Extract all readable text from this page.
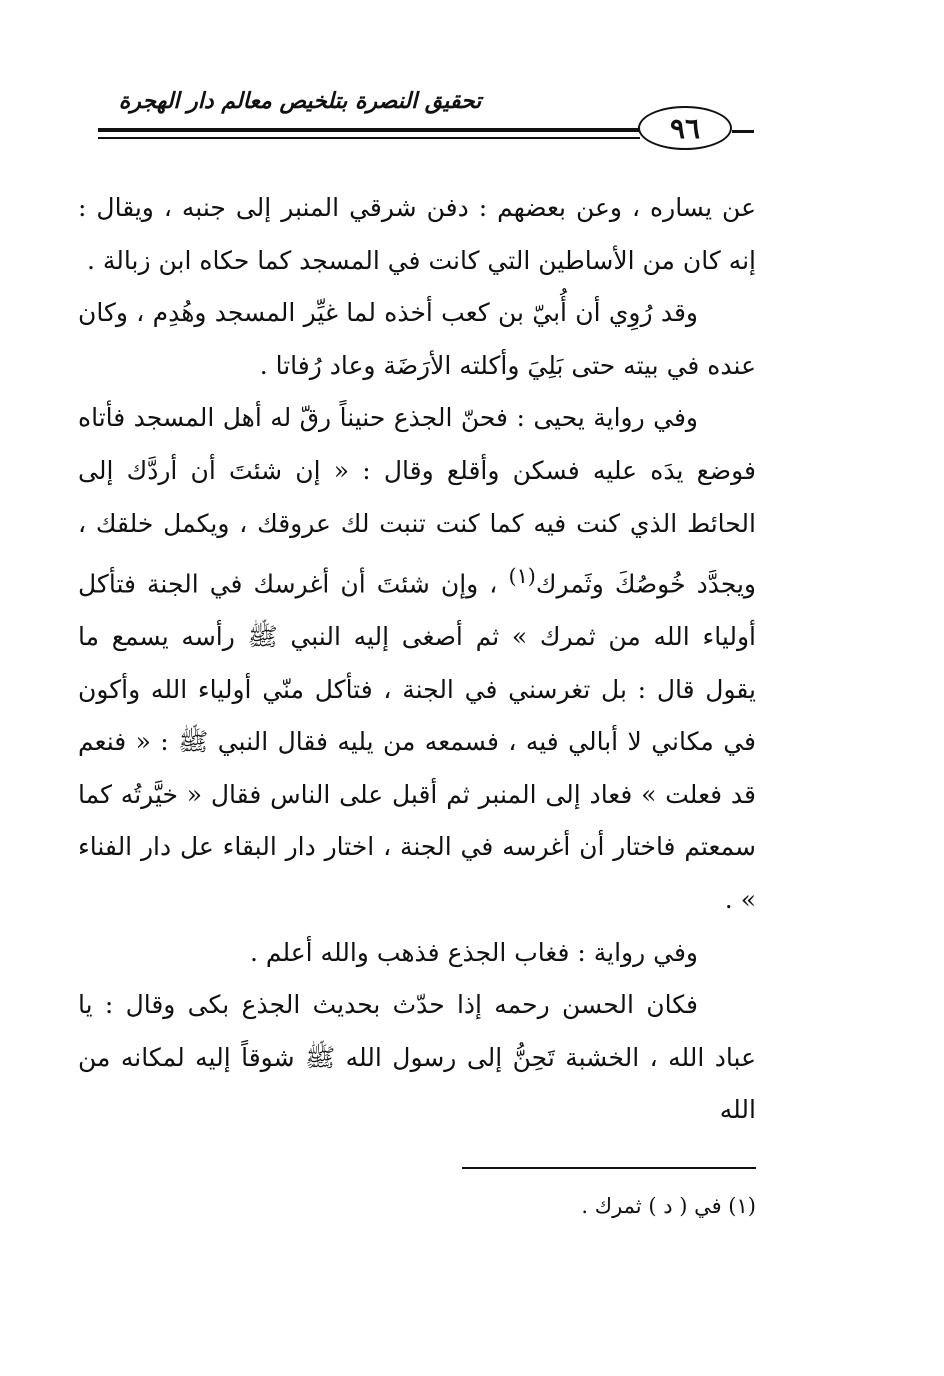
تحقيق النصرة بتلخيص معالم دار الهجرة
٩٦

عن يساره ، وعن بعضهم : دفن شرقي المنبر إلى جنبه ، ويقال : إنه كان من الأساطين التي كانت في المسجد كما حكاه ابن زبالة .

وقد رُوِي أن أُبيّ بن كعب أخذه لما غيِّر المسجد وهُدِم ، وكان عنده في بيته حتى بَلِيَ وأكلته الأرَضَة وعاد رُفاتا .

وفي رواية يحيى : فحنّ الجذع حنيناً رقّ له أهل المسجد فأتاه فوضع يدَه عليه فسكن وأقلع وقال : « إن شئتَ أن أردَّك إلى الحائط الذي كنت فيه كما كنت تنبت لك عروقك ، ويكمل خلقك ، ويجدَّد خُوصُكَ وثَمرك$^{(١)}$ ، وإن شئتَ أن أغرسك في الجنة فتأكل أولياء الله من ثمرك » ثم أصغى إليه النبي ﷺ رأسه يسمع ما يقول قال : بل تغرسني في الجنة ، فتأكل منّي أولياء الله وأكون في مكاني لا أبالي فيه ، فسمعه من يليه فقال النبي ﷺ : « فنعم قد فعلت » فعاد إلى المنبر ثم أقبل على الناس فقال « خيَّرتُه كما سمعتم فاختار أن أغرسه في الجنة ، اختار دار البقاء عل دار الفناء » .

وفي رواية : فغاب الجذع فذهب والله أعلم .

فكان الحسن رحمه إذا حدّث بحديث الجذع بكى وقال : يا عباد الله ، الخشبة تَحِنُّ إلى رسول الله ﷺ شوقاً إليه لمكانه من الله

(١) في ( د ) ثمرك .
